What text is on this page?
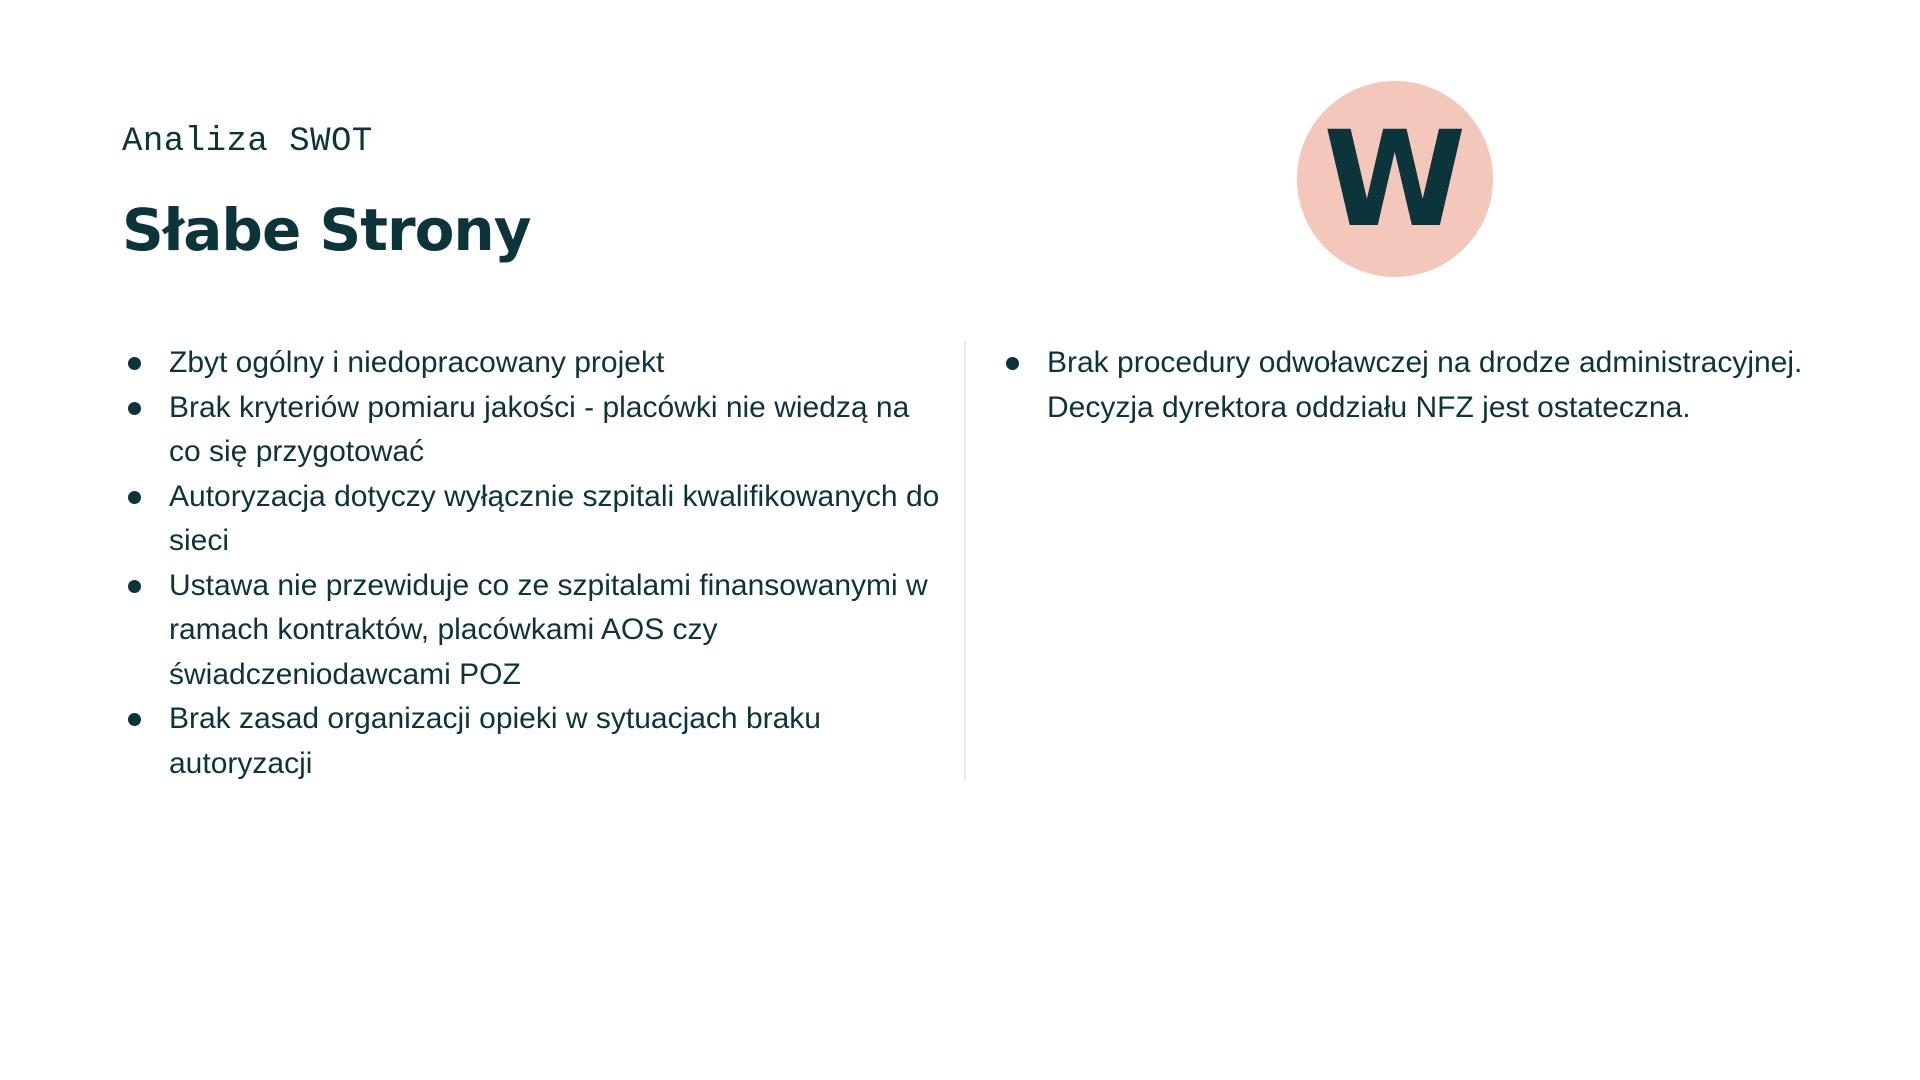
Analiza SWOT
Słabe Strony	W
Zbyt ogólny i niedopracowany projekt
Brak kryteriów pomiaru jakości - placówki nie wiedzą na co się przygotować
Autoryzacja dotyczy wyłącznie szpitali kwalifikowanych do sieci
Ustawa nie przewiduje co ze szpitalami finansowanymi w ramach kontraktów, placówkami AOS czy świadczeniodawcami POZ
Brak zasad organizacji opieki w sytuacjach braku autoryzacji
Brak procedury odwoławczej na drodze administracyjnej. Decyzja dyrektora oddziału NFZ jest ostateczna.
